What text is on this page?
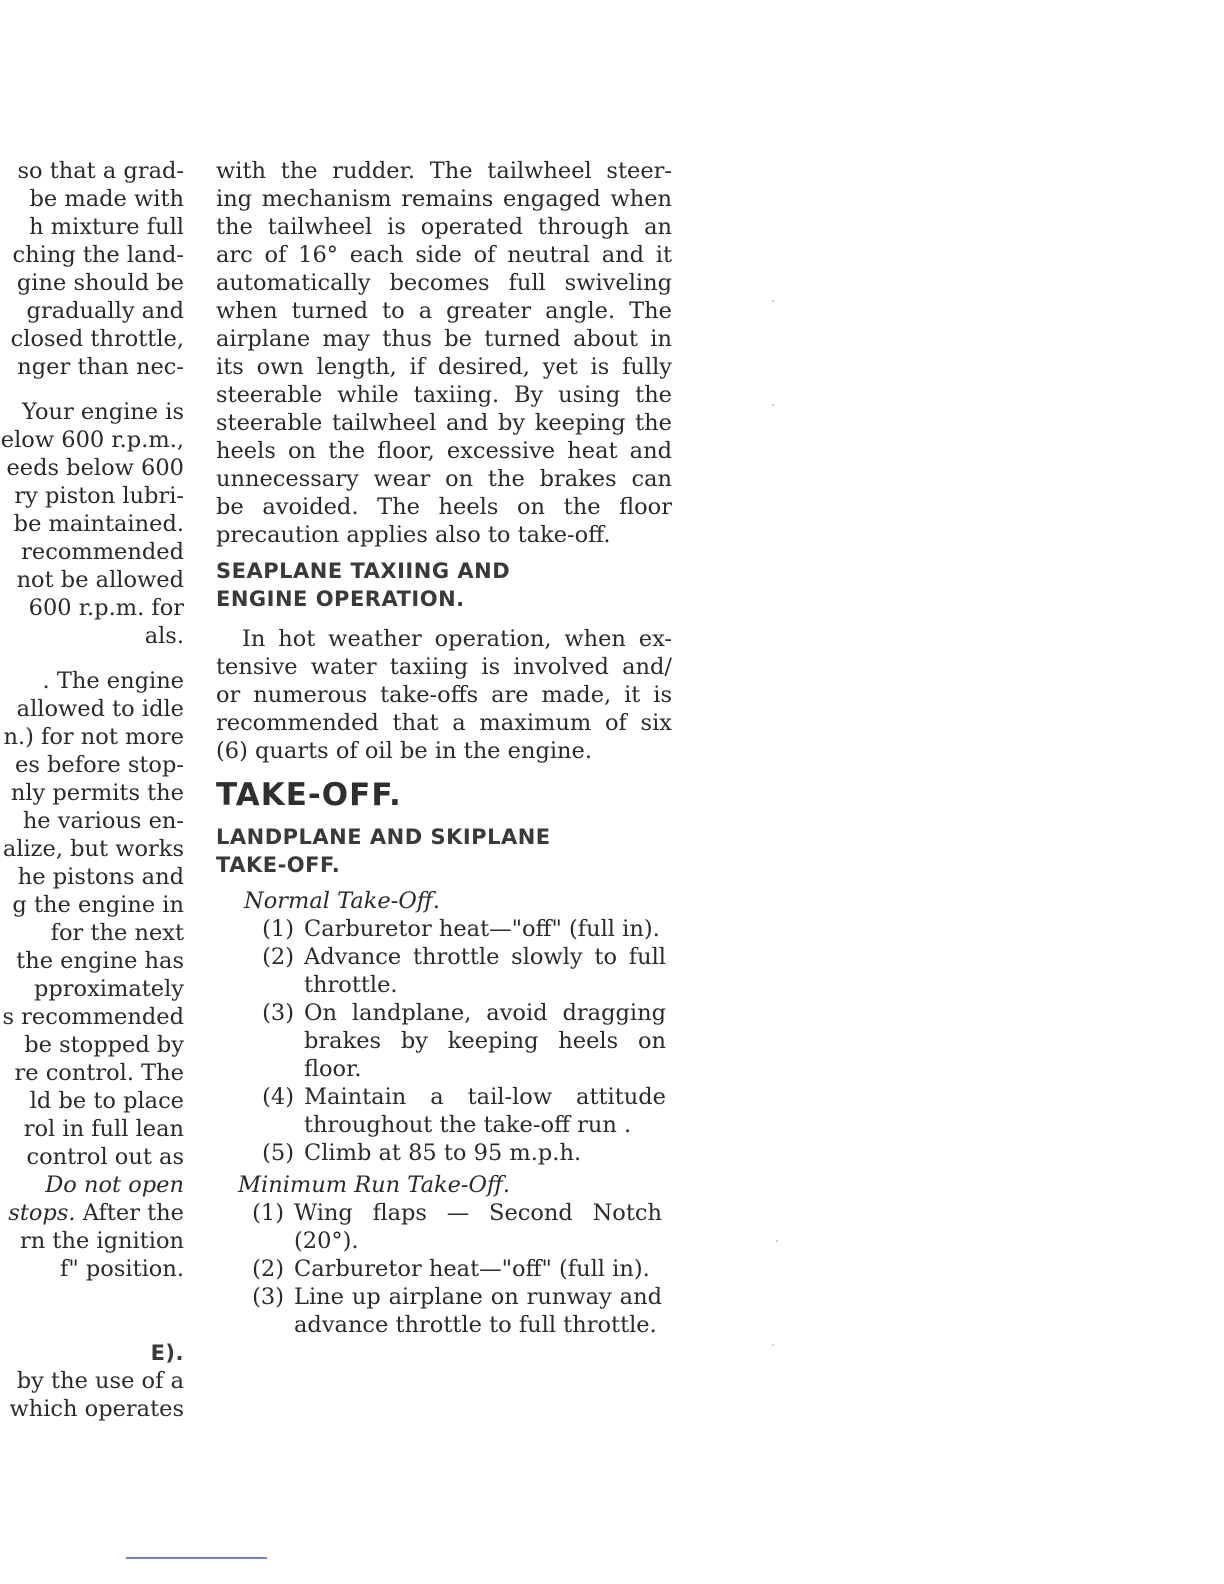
so that a grad-
be made with
h mixture full
ching the land-
gine should be
gradually and
closed throttle,
nger than nec-
Your engine is
elow 600 r.p.m.,
eeds below 600
ry piston lubri-
be maintained.
recommended
not be allowed
600 r.p.m. for
als.
. The engine
allowed to idle
n.) for not more
es before stop-
nly permits the
he various en-
alize, but works
he pistons and
g the engine in
for the next
the engine has
pproximately
s recommended
be stopped by
re control. The
ld be to place
rol in full lean
control out as
Do not open
stops. After the
rn the ignition
f" position.
E).
by the use of a
which operates
with the rudder. The tailwheel steer-
ing mechanism remains engaged when
the tailwheel is operated through an
arc of 16° each side of neutral and it
automatically becomes full swiveling
when turned to a greater angle. The
airplane may thus be turned about in
its own length, if desired, yet is fully
steerable while taxiing. By using the
steerable tailwheel and by keeping the
heels on the floor, excessive heat and
unnecessary wear on the brakes can
be avoided. The heels on the floor
precaution applies also to take-off.
SEAPLANE TAXIING AND
ENGINE OPERATION.
In hot weather operation, when ex-
tensive water taxiing is involved and/
or numerous take-offs are made, it is
recommended that a maximum of six
(6) quarts of oil be in the engine.
TAKE-OFF.
LANDPLANE AND SKIPLANE
TAKE-OFF.
Normal Take-Off.
(1) Carburetor heat—"off" (full in).
(2) Advance throttle slowly to full throttle.
(3) On landplane, avoid dragging brakes by keeping heels on floor.
(4) Maintain a tail-low attitude throughout the take-off run .
(5) Climb at 85 to 95 m.p.h.
Minimum Run Take-Off.
(1) Wing flaps — Second Notch (20°).
(2) Carburetor heat—"off" (full in).
(3) Line up airplane on runway and advance throttle to full throttle.
